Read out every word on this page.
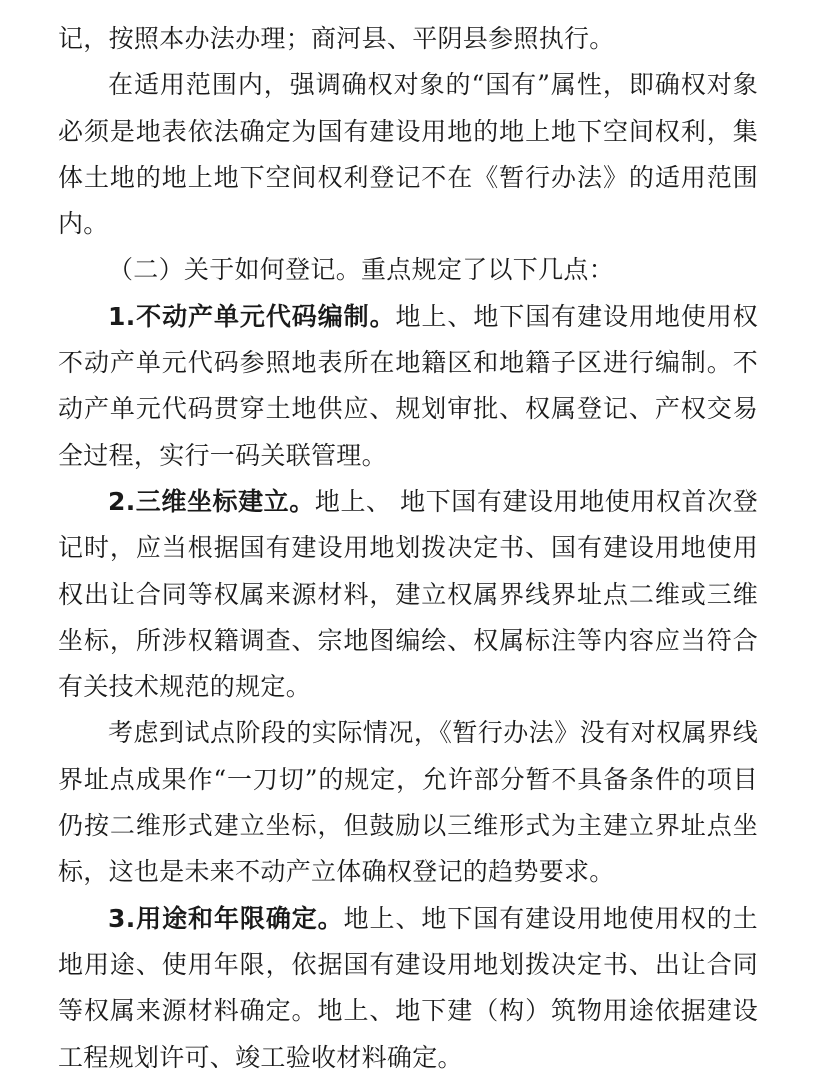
记，按照本办法办理；商河县、平阴县参照执行。

在适用范围内，强调确权对象的“国有”属性，即确权对象必须是地表依法确定为国有建设用地的地上地下空间权利，集体土地的地上地下空间权利登记不在《暂行办法》的适用范围内。

（二）关于如何登记。重点规定了以下几点：

1.不动产单元代码编制。地上、地下国有建设用地使用权不动产单元代码参照地表所在地籍区和地籍子区进行编制。不动产单元代码贯穿土地供应、规划审批、权属登记、产权交易全过程，实行一码关联管理。

2.三维坐标建立。地上、 地下国有建设用地使用权首次登记时，应当根据国有建设用地划拨决定书、国有建设用地使用权出让合同等权属来源材料，建立权属界线界址点二维或三维坐标，所涉权籍调查、宗地图编绘、权属标注等内容应当符合有关技术规范的规定。

考虑到试点阶段的实际情况，《暂行办法》没有对权属界线界址点成果作“一刀切”的规定，允许部分暂不具备条件的项目仍按二维形式建立坐标，但鼓励以三维形式为主建立界址点坐标，这也是未来不动产立体确权登记的趋势要求。

3.用途和年限确定。地上、地下国有建设用地使用权的土地用途、使用年限，依据国有建设用地划拨决定书、出让合同等权属来源材料确定。地上、地下建（构）筑物用途依据建设工程规划许可、竣工验收材料确定。
